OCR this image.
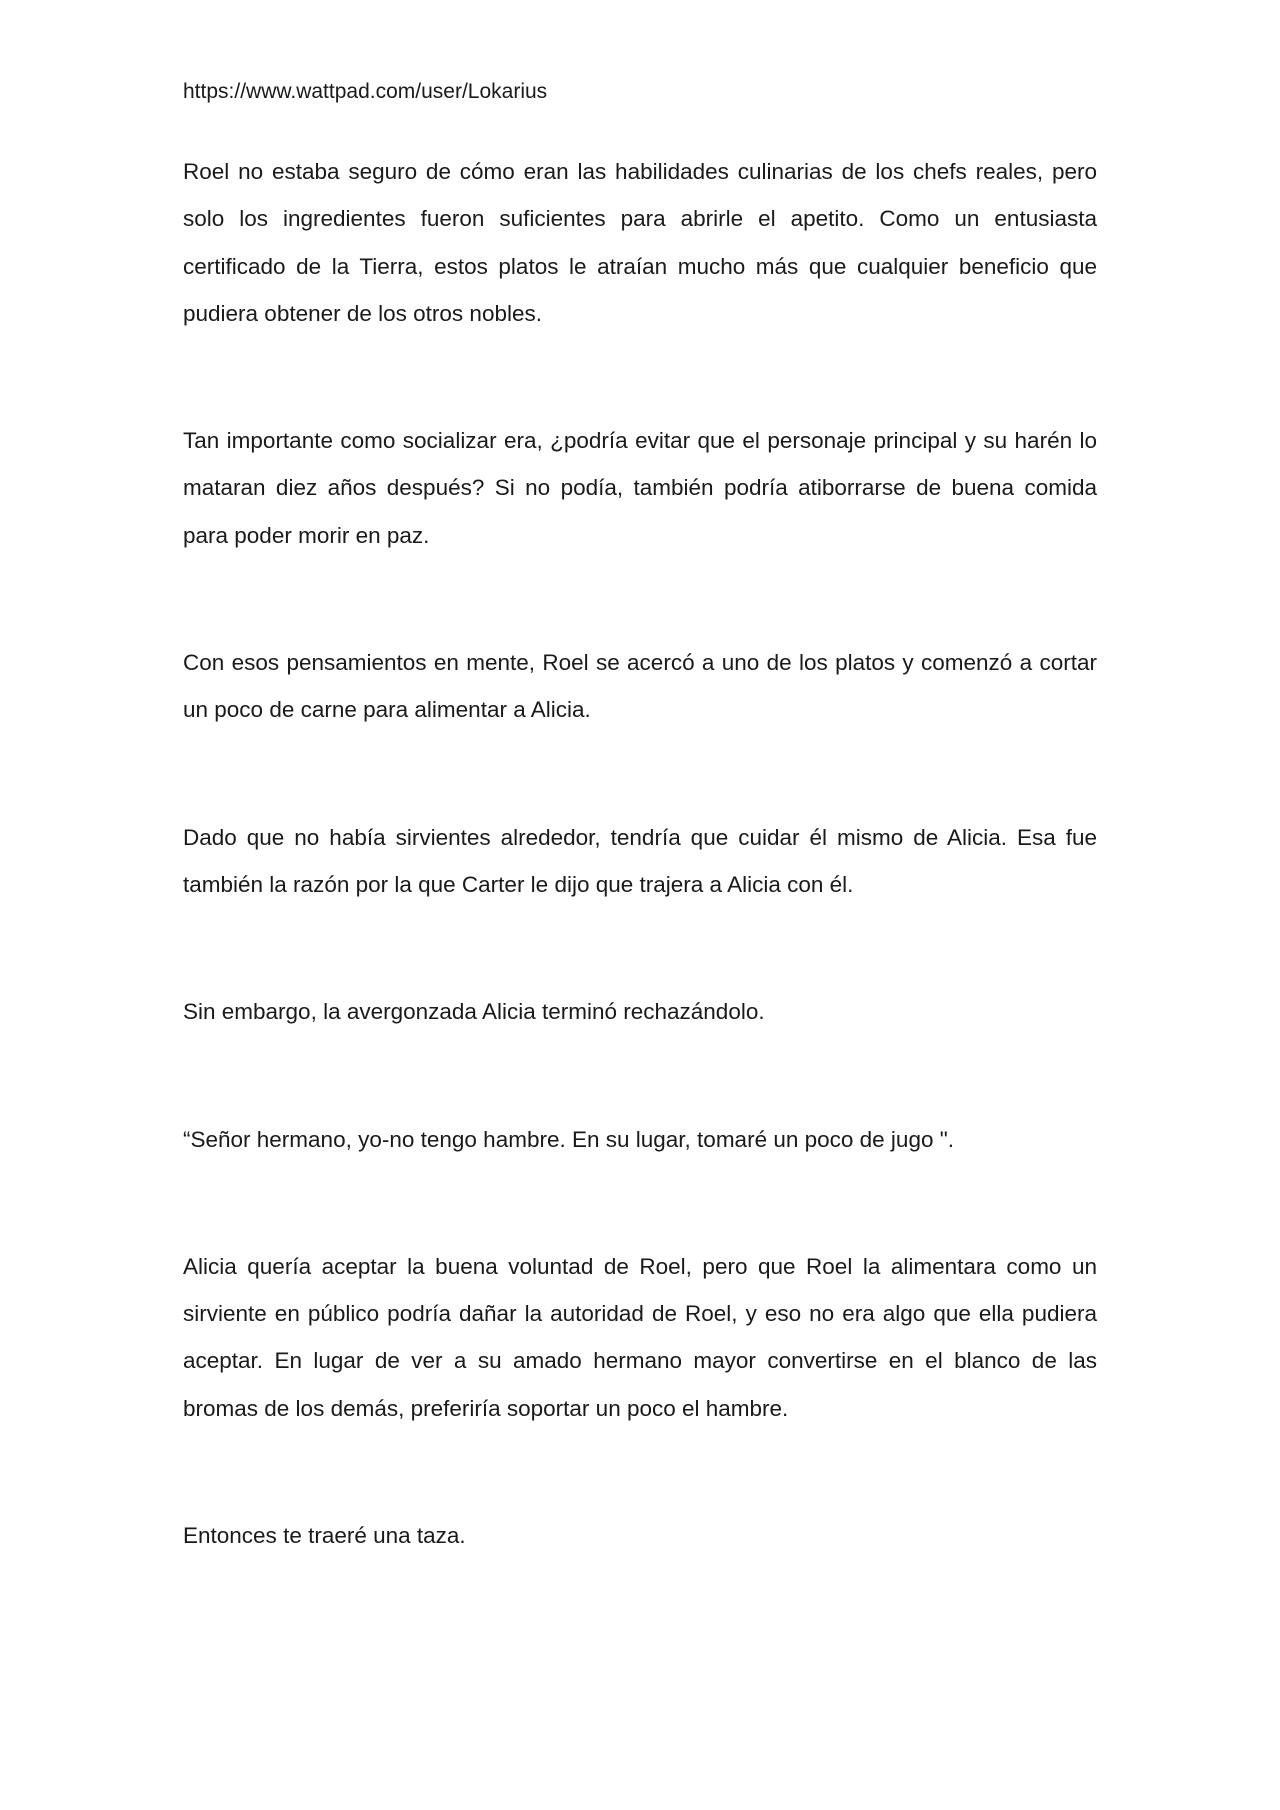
https://www.wattpad.com/user/Lokarius

Roel no estaba seguro de cómo eran las habilidades culinarias de los chefs reales, pero solo los ingredientes fueron suficientes para abrirle el apetito. Como un entusiasta certificado de la Tierra, estos platos le atraían mucho más que cualquier beneficio que pudiera obtener de los otros nobles.

Tan importante como socializar era, ¿podría evitar que el personaje principal y su harén lo mataran diez años después? Si no podía, también podría atiborrarse de buena comida para poder morir en paz.

Con esos pensamientos en mente, Roel se acercó a uno de los platos y comenzó a cortar un poco de carne para alimentar a Alicia.

Dado que no había sirvientes alrededor, tendría que cuidar él mismo de Alicia. Esa fue también la razón por la que Carter le dijo que trajera a Alicia con él.

Sin embargo, la avergonzada Alicia terminó rechazándolo.

“Señor hermano, yo-no tengo hambre. En su lugar, tomaré un poco de jugo ".

Alicia quería aceptar la buena voluntad de Roel, pero que Roel la alimentara como un sirviente en público podría dañar la autoridad de Roel, y eso no era algo que ella pudiera aceptar. En lugar de ver a su amado hermano mayor convertirse en el blanco de las bromas de los demás, preferiría soportar un poco el hambre.

Entonces te traeré una taza.
